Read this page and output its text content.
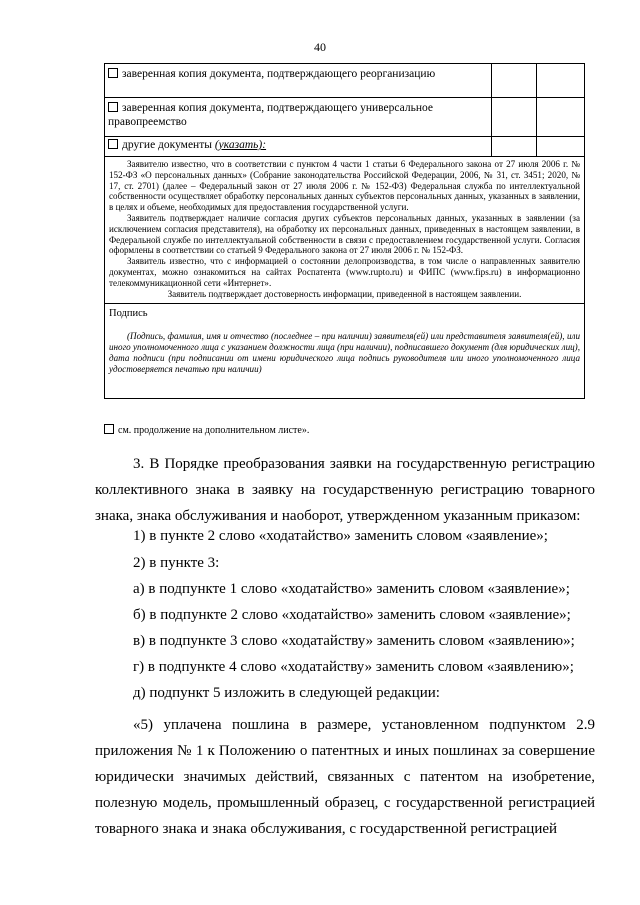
40
заверенная копия документа, подтверждающего реорганизацию		
заверенная копия документа, подтверждающего универсальное правопреемство		
другие документы (указать):		

Заявителю известно, что в соответствии с пунктом 4 части 1 статьи 6 Федерального закона от 27 июля 2006 г. № 152-ФЗ «О персональных данных» (Собрание законодательства Российской Федерации, 2006, № 31, ст. 3451; 2020, № 17, ст. 2701) (далее – Федеральный закон от 27 июля 2006 г. № 152-ФЗ) Федеральная служба по интеллектуальной собственности осуществляет обработку персональных данных субъектов персональных данных, указанных в заявлении, в целях и объеме, необходимых для предоставления государственной услуги.

Заявитель подтверждает наличие согласия других субъектов персональных данных, указанных в заявлении (за исключением согласия представителя), на обработку их персональных данных, приведенных в настоящем заявлении, в Федеральной службе по интеллектуальной собственности в связи с предоставлением государственной услуги. Согласия оформлены в соответствии со статьей 9 Федерального закона от 27 июля 2006 г. № 152-ФЗ.

Заявитель известно, что с информацией о состоянии делопроизводства, в том числе о направленных заявителю документах, можно ознакомиться на сайтах Роспатента (www.rupto.ru) и ФИПС (www.fips.ru) в информационно телекоммуникационной сети «Интернет».

Заявитель подтверждает достоверность информации, приведенной в настоящем заявлении.		

Подпись

(Подпись, фамилия, имя и отчество (последнее – при наличии) заявителя(ей) или представителя заявителя(ей), или иного уполномоченного лица с указанием должности лица (при наличии), подписавшего документ (для юридических лиц), дата подписи (при подписании от имени юридического лица подпись руководителя или иного уполномоченного лица удостоверяется печатью при наличии)		

см. продолжение на дополнительном листе».
3. В Порядке преобразования заявки на государственную регистрацию коллективного знака в заявку на государственную регистрацию товарного знака, знака обслуживания и наоборот, утвержденном указанным приказом:
1) в пункте 2 слово «ходатайство» заменить словом «заявление»;
2) в пункте 3:
а) в подпункте 1 слово «ходатайство» заменить словом «заявление»;
б) в подпункте 2 слово «ходатайство» заменить словом «заявление»;
в) в подпункте 3 слово «ходатайству» заменить словом «заявлению»;
г) в подпункте 4 слово «ходатайству» заменить словом «заявлению»;
д) подпункт 5 изложить в следующей редакции:
«5) уплачена пошлина в размере, установленном подпунктом 2.9 приложения № 1 к Положению о патентных и иных пошлинах за совершение юридически значимых действий, связанных с патентом на изобретение, полезную модель, промышленный образец, с государственной регистрацией товарного знака и знака обслуживания, с государственной регистрацией
